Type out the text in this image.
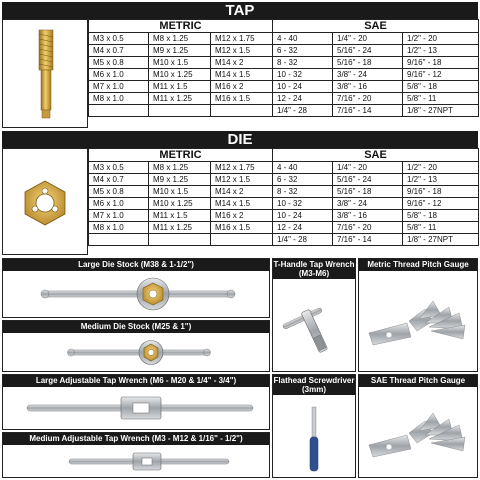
TAP
METRIC			SAE		
M3 x 0.5	M8 x 1.25	M12 x 1.75	4 - 40	1/4" - 20	1/2" - 20
M4 x 0.7	M9 x 1.25	M12 x 1.5	6 - 32	5/16" - 24	1/2" - 13
M5 x 0.8	M10 x 1.5	M14 x 2	8 - 32	5/16" - 18	9/16" - 18
M6 x 1.0	M10 x 1.25	M14 x 1.5	10 - 32	3/8" - 24	9/16" - 12
M7 x 1.0	M11 x 1.5	M16 x 2	10 - 24	3/8" - 16	5/8" - 18
M8 x 1.0	M11 x 1.25	M16 x 1.5	12 - 24	7/16" - 20	5/8" - 11
			1/4" - 28	7/16" - 14	1/8" - 27NPT
DIE
METRIC			SAE		
M3 x 0.5	M8 x 1.25	M12 x 1.75	4 - 40	1/4" - 20	1/2" - 20
M4 x 0.7	M9 x 1.25	M12 x 1.5	6 - 32	5/16" - 24	1/2" - 13
M5 x 0.8	M10 x 1.5	M14 x 2	8 - 32	5/16" - 18	9/16" - 18
M6 x 1.0	M10 x 1.25	M14 x 1.5	10 - 32	3/8" - 24	9/16" - 12
M7 x 1.0	M11 x 1.5	M16 x 2	10 - 24	3/8" - 16	5/8" - 18
M8 x 1.0	M11 x 1.25	M16 x 1.5	12 - 24	7/16" - 20	5/8" - 11
			1/4" - 28	7/16" - 14	1/8" - 27NPT
Large Die Stock (M38 & 1-1/2")
Medium Die Stock (M25 & 1")
Large Adjustable Tap Wrench (M6 - M20 & 1/4" - 3/4")
Medium Adjustable Tap Wrench (M3 - M12 & 1/16" - 1/2")
T-Handle Tap Wrench
(M3-M6)
Flathead Screwdriver
(3mm)
Metric Thread Pitch Gauge
SAE Thread Pitch Gauge
